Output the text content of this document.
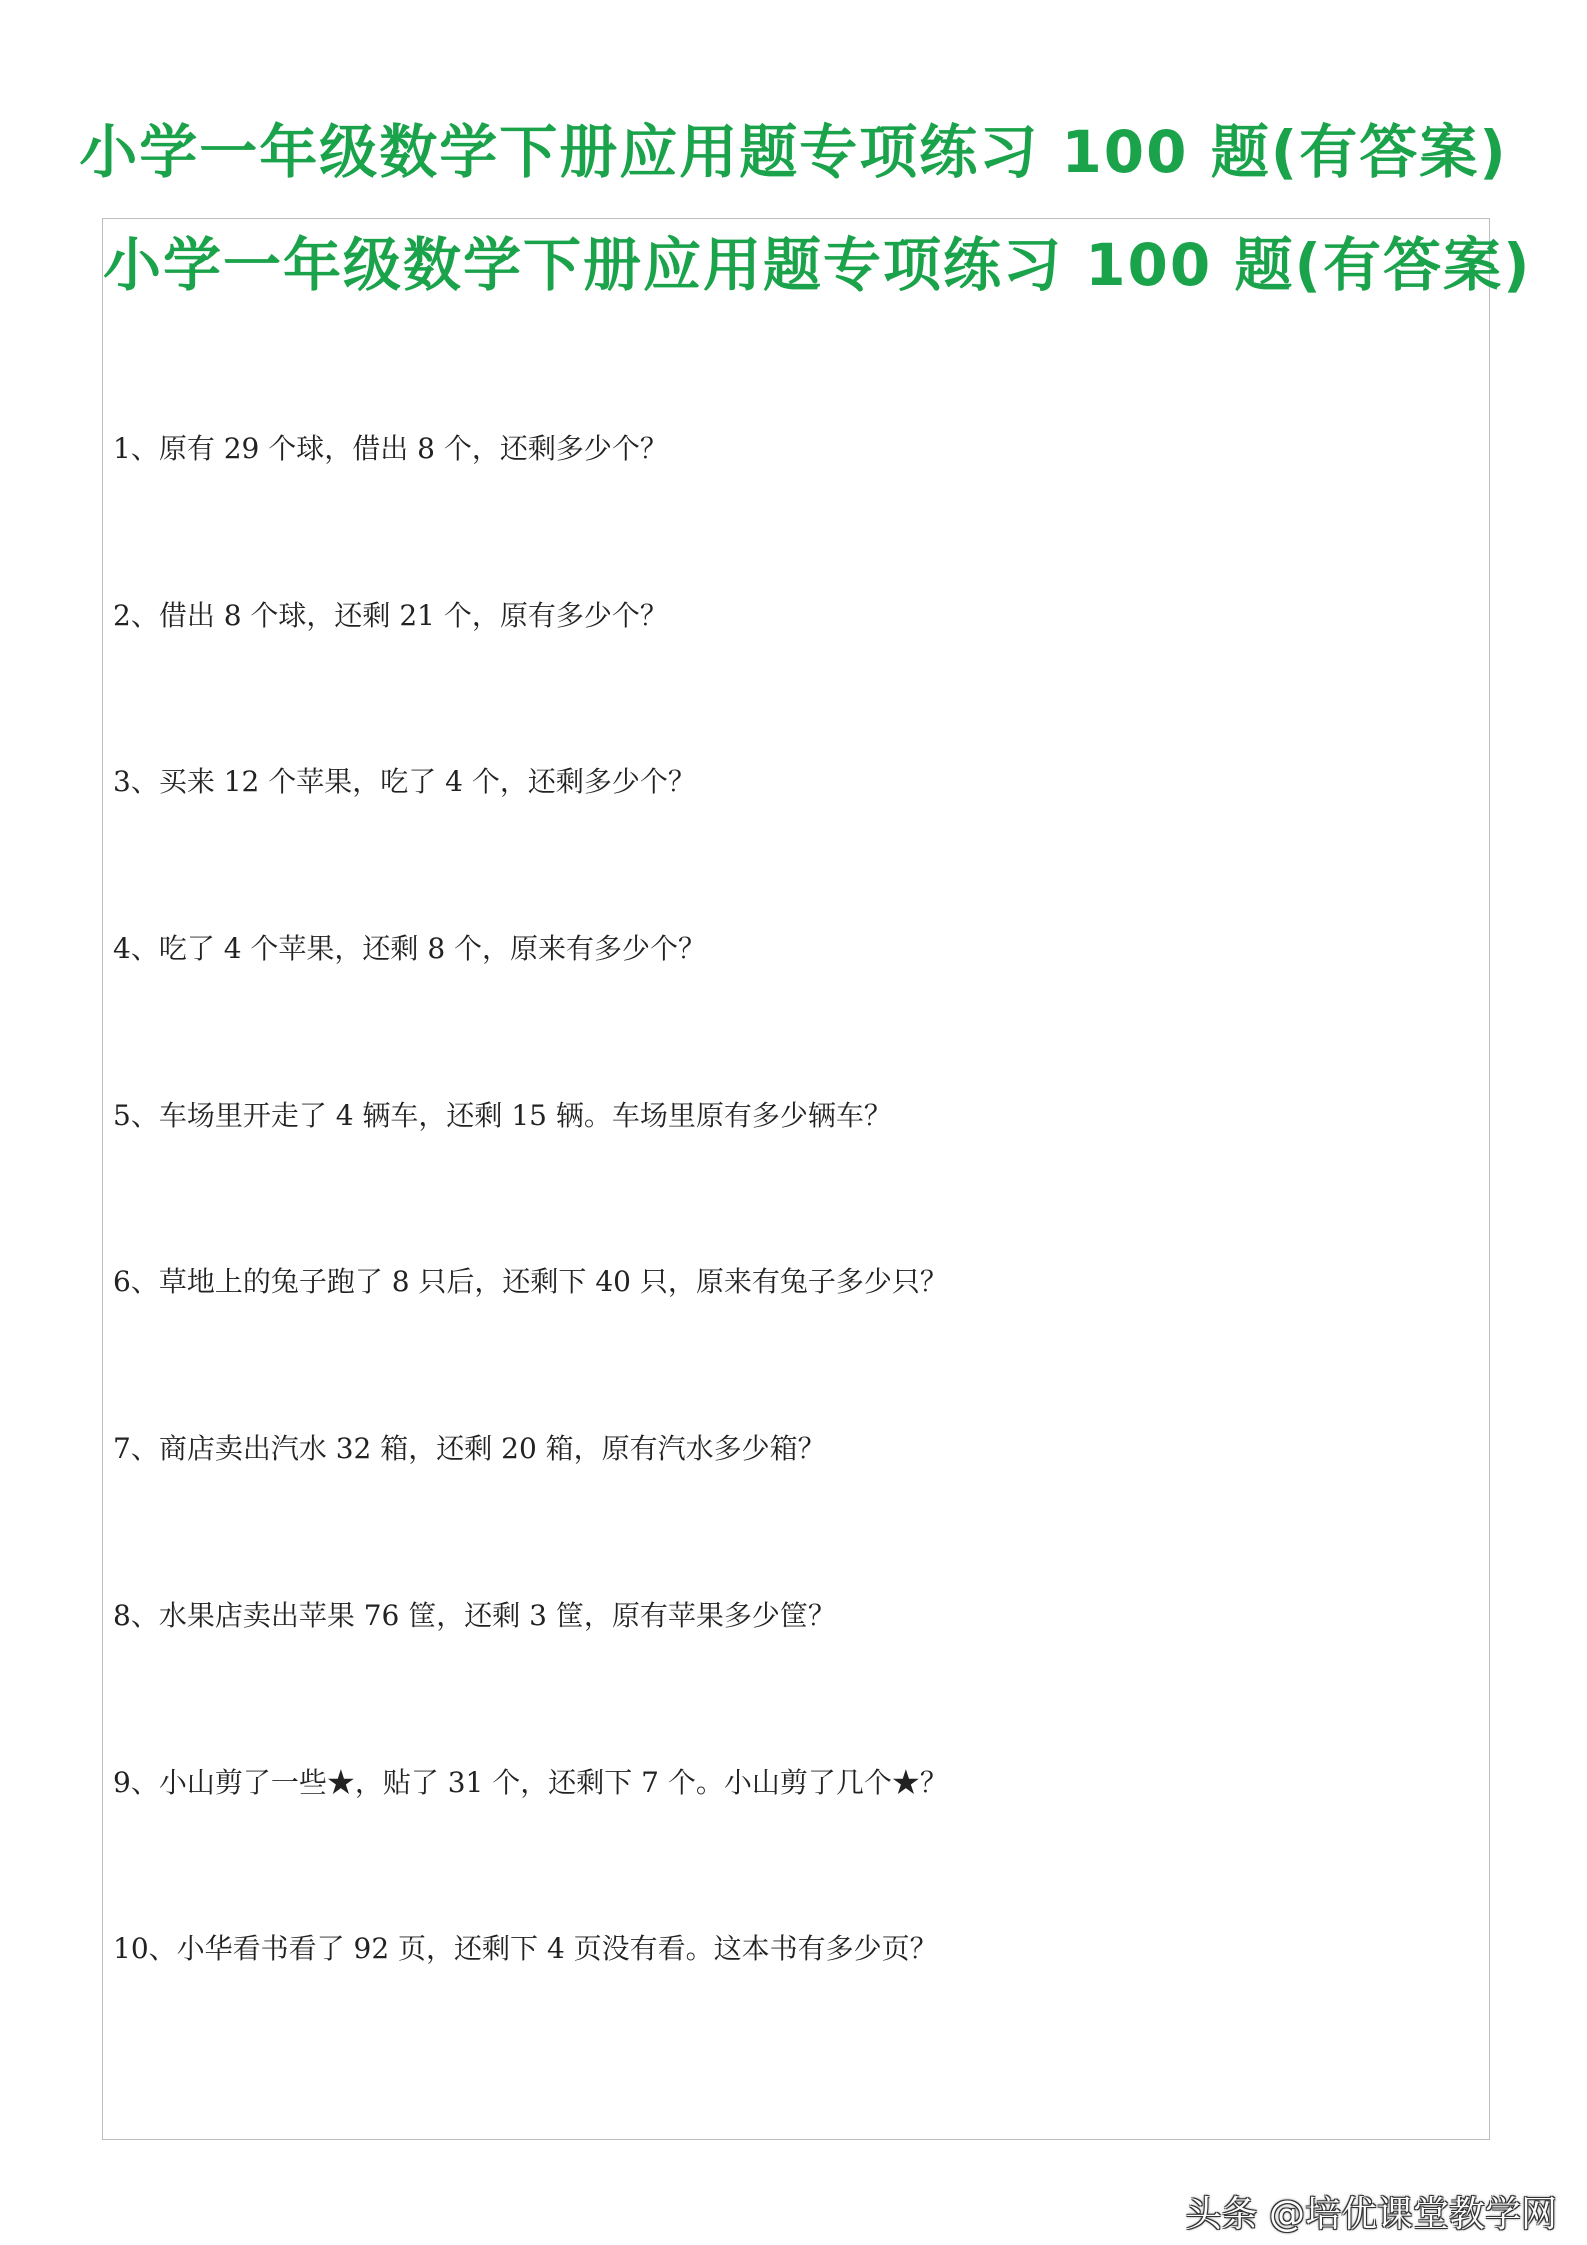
小学一年级数学下册应用题专项练习 100 题(有答案)
小学一年级数学下册应用题专项练习 100 题(有答案)
1、原有 29 个球，借出 8 个，还剩多少个？
2、借出 8 个球，还剩 21 个，原有多少个？
3、买来 12 个苹果，吃了 4 个，还剩多少个？
4、吃了 4 个苹果，还剩 8 个，原来有多少个？
5、车场里开走了 4 辆车，还剩 15 辆。车场里原有多少辆车？
6、草地上的兔子跑了 8 只后，还剩下 40 只，原来有兔子多少只？
7、商店卖出汽水 32 箱，还剩 20 箱，原有汽水多少箱？
8、水果店卖出苹果 76 筐，还剩 3 筐，原有苹果多少筐？
9、小山剪了一些★，贴了 31 个，还剩下 7 个。小山剪了几个★？
10、小华看书看了 92 页，还剩下 4 页没有看。这本书有多少页？
头条 @培优课堂教学网
